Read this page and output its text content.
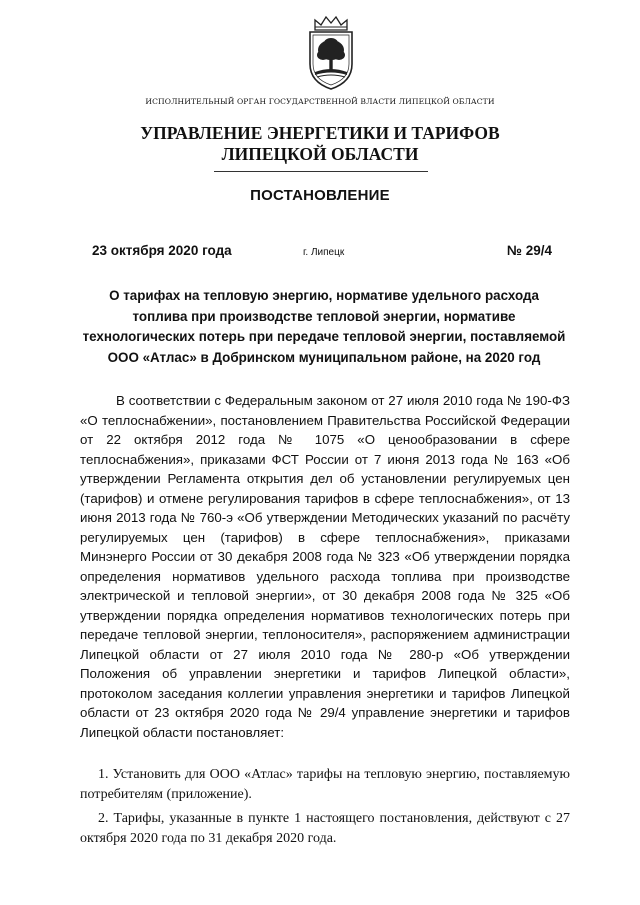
ИСПОЛНИТЕЛЬНЫЙ ОРГАН ГОСУДАРСТВЕННОЙ ВЛАСТИ ЛИПЕЦКОЙ ОБЛАСТИ
УПРАВЛЕНИЕ ЭНЕРГЕТИКИ И ТАРИФОВ
ЛИПЕЦКОЙ ОБЛАСТИ
ПОСТАНОВЛЕНИЕ
23 октября 2020 года	г. Липецк	№ 29/4
О тарифах на тепловую энергию, нормативе удельного расхода топлива при производстве тепловой энергии, нормативе технологических потерь при передаче тепловой энергии, поставляемой ООО «Атлас» в Добринском муниципальном районе, на 2020 год

В соответствии с Федеральным законом от 27 июля 2010 года № 190-ФЗ «О теплоснабжении», постановлением Правительства Российской Федерации от 22 октября 2012 года № 1075 «О ценообразовании в сфере теплоснабжения», приказами ФСТ России от 7 июня 2013 года № 163 «Об утверждении Регламента открытия дел об установлении регулируемых цен (тарифов) и отмене регулирования тарифов в сфере теплоснабжения», от 13 июня 2013 года № 760-э «Об утверждении Методических указаний по расчёту регулируемых цен (тарифов) в сфере теплоснабжения», приказами Минэнерго России от 30 декабря 2008 года № 323 «Об утверждении порядка определения нормативов удельного расхода топлива при производстве электрической и тепловой энергии», от 30 декабря 2008 года № 325 «Об утверждении порядка определения нормативов технологических потерь при передаче тепловой энергии, теплоносителя», распоряжением администрации Липецкой области от 27 июля 2010 года № 280-р «Об утверждении Положения об управлении энергетики и тарифов Липецкой области», протоколом заседания коллегии управления энергетики и тарифов Липецкой области от 23 октября 2020 года № 29/4 управление энергетики и тарифов Липецкой области постановляет:

1. Установить для ООО «Атлас» тарифы на тепловую энергию, поставляемую потребителям (приложение).

2. Тарифы, указанные в пункте 1 настоящего постановления, действуют с 27 октября 2020 года по 31 декабря 2020 года.
